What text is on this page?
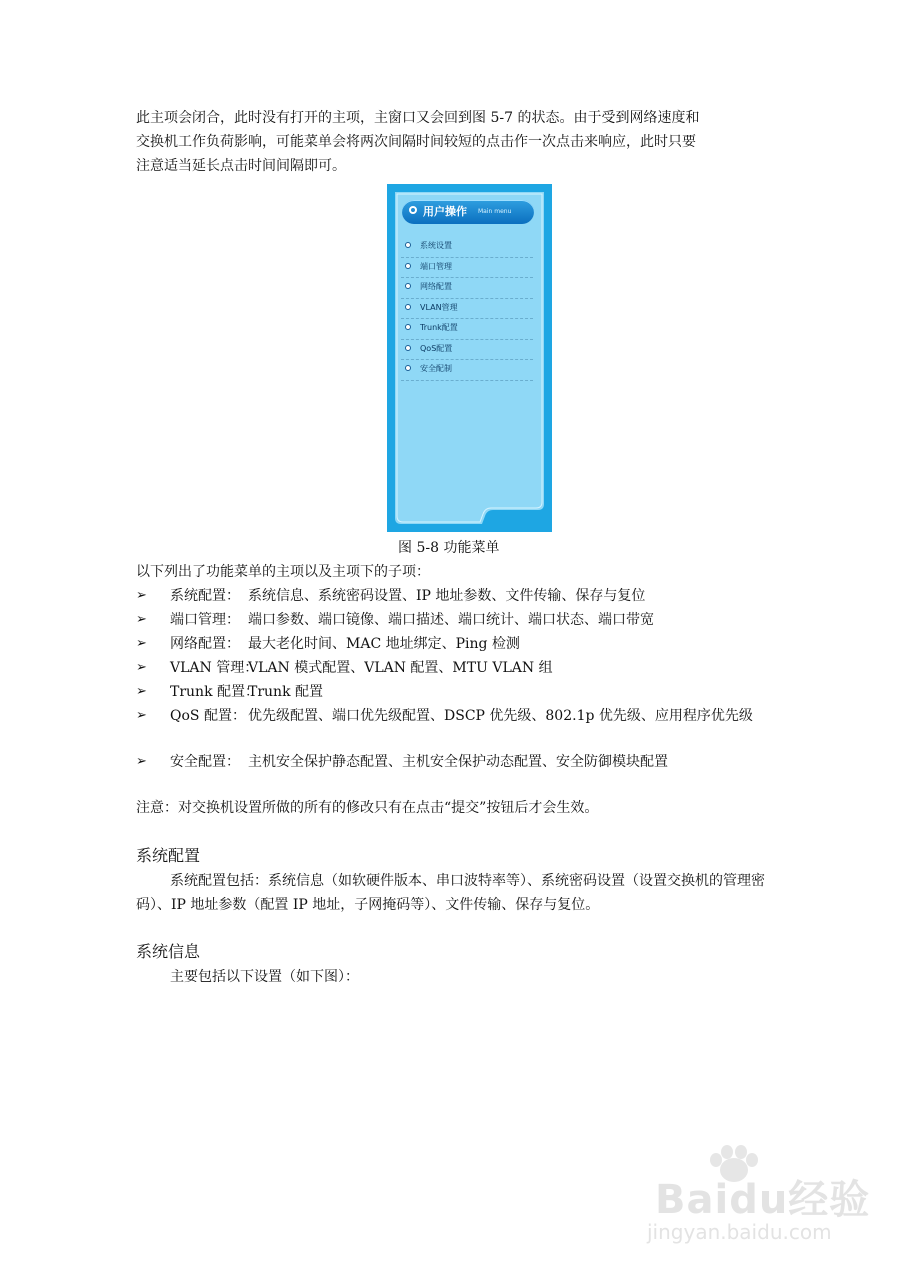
此主项会闭合，此时没有打开的主项，主窗口又会回到图 5-7 的状态。由于受到网络速度和
交换机工作负荷影响，可能菜单会将两次间隔时间较短的点击作一次点击来响应，此时只要
注意适当延长点击时间间隔即可。
用户操作 Main menu
系统设置
端口管理
网络配置
VLAN管理
Trunk配置
QoS配置
安全配制
图 5-8 功能菜单
以下列出了功能菜单的主项以及主项下的子项：
➢ 系统配置： 系统信息、系统密码设置、IP 地址参数、文件传输、保存与复位
➢ 端口管理： 端口参数、端口镜像、端口描述、端口统计、端口状态、端口带宽
➢ 网络配置： 最大老化时间、MAC 地址绑定、Ping 检测
➢ VLAN 管理：
VLAN 模式配置、VLAN 配置、MTU VLAN 组
➢ Trunk 配置：
Trunk 配置
➢ QoS 配置： 优先级配置、端口优先级配置、DSCP 优先级、802.1p 优先级、应用程序优先级
➢ 安全配置： 主机安全保护静态配置、主机安全保护动态配置、安全防御模块配置
注意：对交换机设置所做的所有的修改只有在点击“提交”按钮后才会生效。
系统配置

系统配置包括：系统信息（如软硬件版本、串口波特率等）、系统密码设置（设置交换机的管理密码）、IP 地址参数（配置 IP 地址，子网掩码等）、文件传输、保存与复位。

系统信息

主要包括以下设置（如下图）：

Baidu经验
jingyan.baidu.com
